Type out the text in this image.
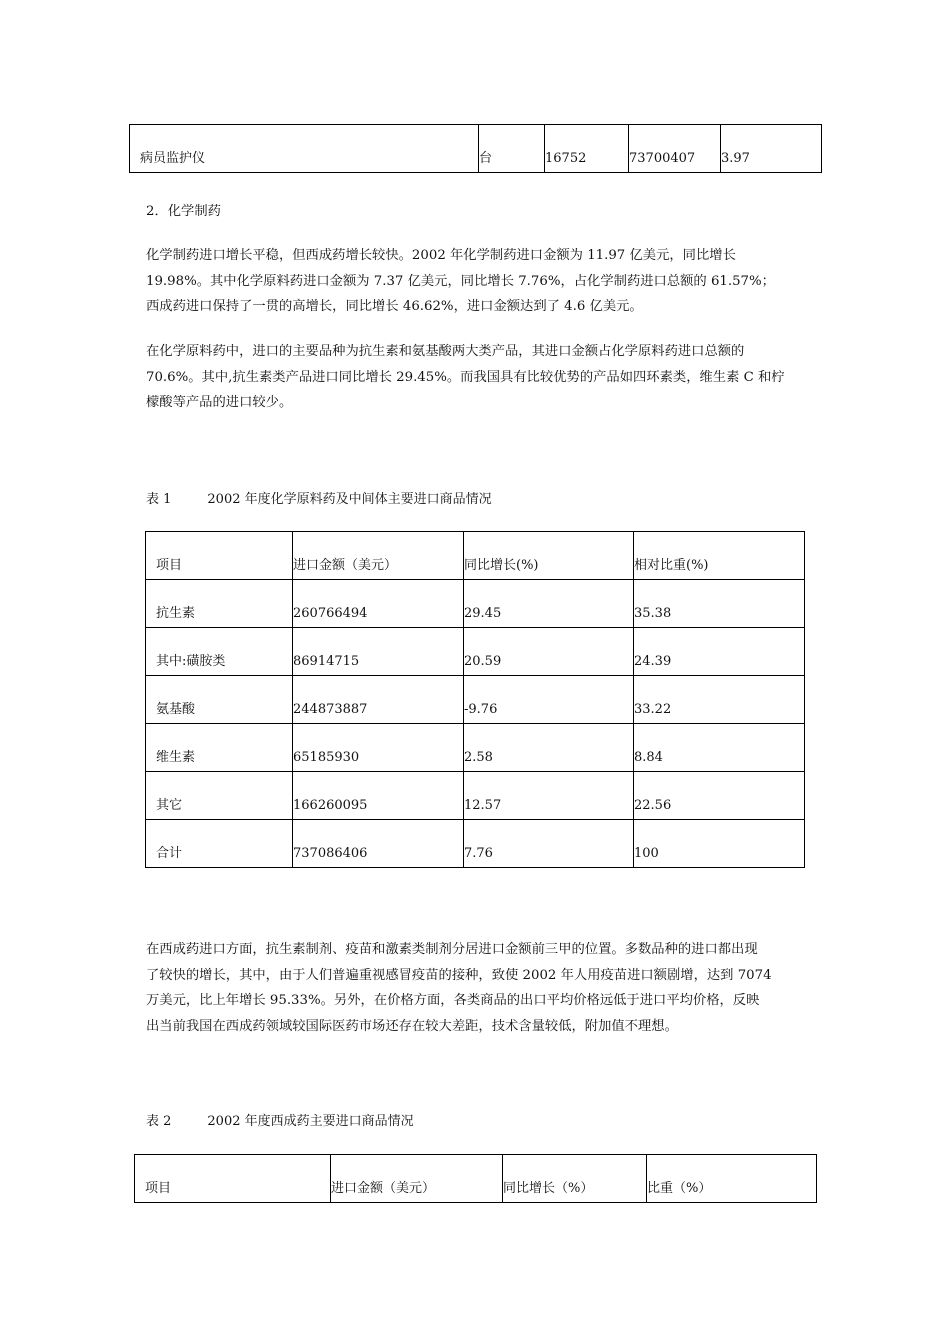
病员监护仪	台	16752	73700407	3.97
2．化学制药
化学制药进口增长平稳，但西成药增长较快。2002 年化学制药进口金额为 11.97 亿美元，同比增长
19.98%。其中化学原料药进口金额为 7.37 亿美元，同比增长 7.76%，占化学制药进口总额的 61.57%；
西成药进口保持了一贯的高增长，同比增长 46.62%，进口金额达到了 4.6 亿美元。
在化学原料药中，进口的主要品种为抗生素和氨基酸两大类产品，其进口金额占化学原料药进口总额的
70.6%。其中,抗生素类产品进口同比增长 29.45%。而我国具有比较优势的产品如四环素类，维生素 C 和柠
檬酸等产品的进口较少。
表 1	2002 年度化学原料药及中间体主要进口商品情况
项目	进口金额（美元）	同比增长(%)	相对比重(%)
抗生素	260766494	29.45	35.38
其中:磺胺类	86914715	20.59	24.39
氨基酸	244873887	-9.76	33.22
维生素	65185930	2.58	8.84
其它	166260095	12.57	22.56
合计	737086406	7.76	100
在西成药进口方面，抗生素制剂、疫苗和激素类制剂分居进口金额前三甲的位置。多数品种的进口都出现
了较快的增长，其中，由于人们普遍重视感冒疫苗的接种，致使 2002 年人用疫苗进口额剧增，达到 7074
万美元，比上年增长 95.33%。另外，在价格方面，各类商品的出口平均价格远低于进口平均价格，反映
出当前我国在西成药领域较国际医药市场还存在较大差距，技术含量较低，附加值不理想。
表 2	2002 年度西成药主要进口商品情况
项目	进口金额（美元）	同比增长（%）	比重（%）
